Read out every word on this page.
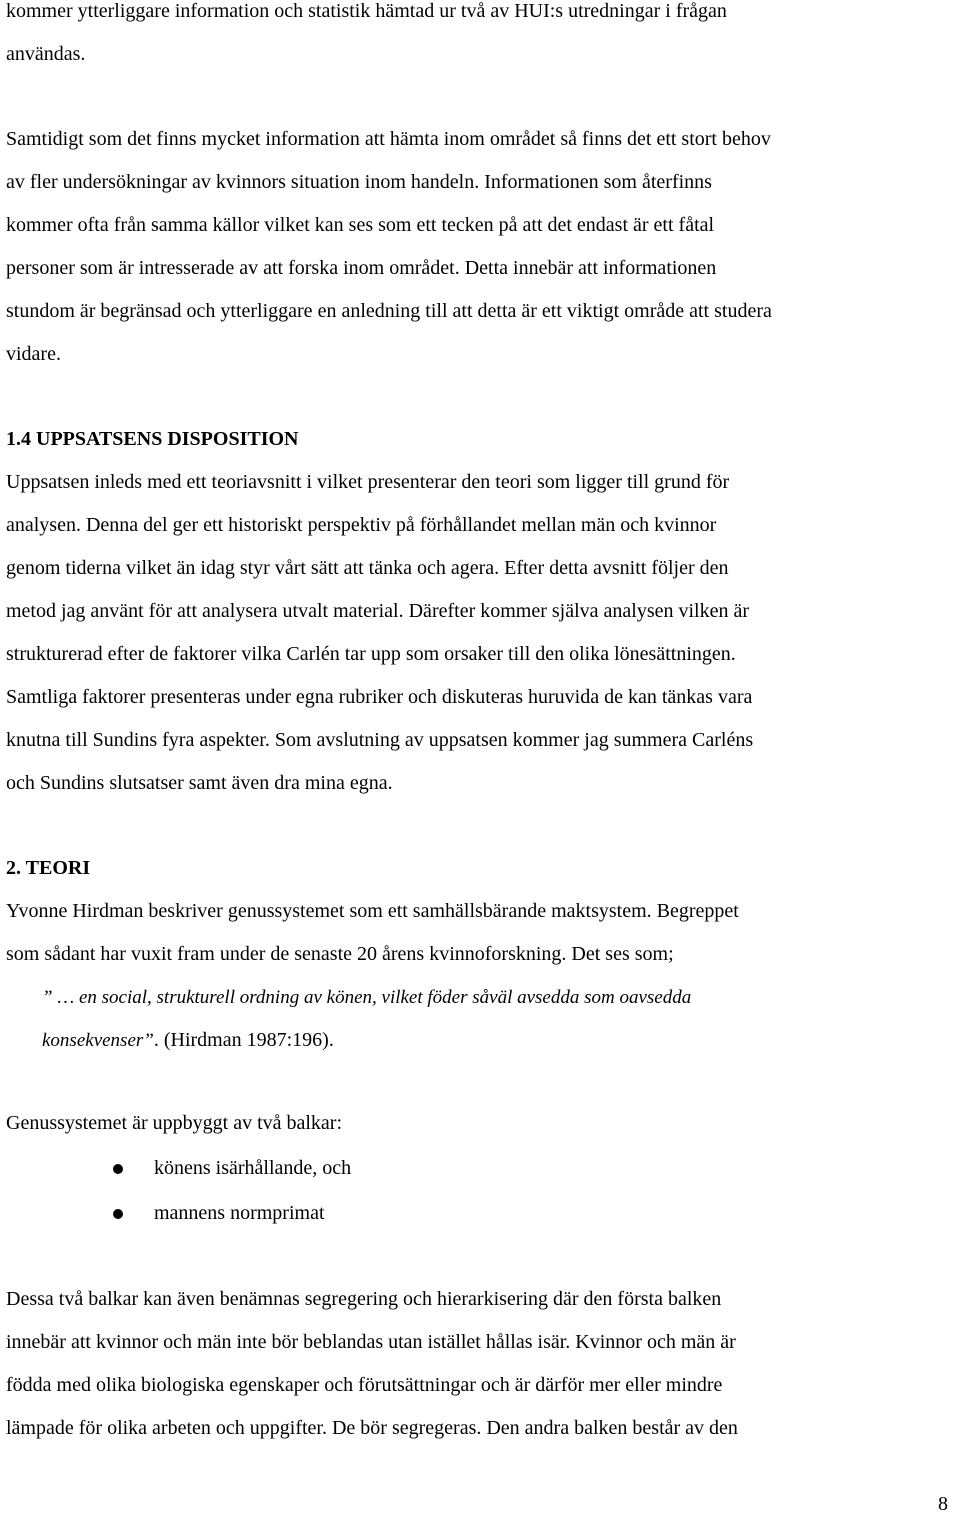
kommer ytterliggare information och statistik hämtad ur två av HUI:s utredningar i frågan
användas.

Samtidigt som det finns mycket information att hämta inom området så finns det ett stort behov
av fler undersökningar av kvinnors situation inom handeln. Informationen som återfinns
kommer ofta från samma källor vilket kan ses som ett tecken på att det endast är ett fåtal
personer som är intresserade av att forska inom området. Detta innebär att informationen
stundom är begränsad och ytterliggare en anledning till att detta är ett viktigt område att studera
vidare.

1.4 UPPSATSENS DISPOSITION

Uppsatsen inleds med ett teoriavsnitt i vilket presenterar den teori som ligger till grund för
analysen. Denna del ger ett historiskt perspektiv på förhållandet mellan män och kvinnor
genom tiderna vilket än idag styr vårt sätt att tänka och agera. Efter detta avsnitt följer den
metod jag använt för att analysera utvalt material. Därefter kommer själva analysen vilken är
strukturerad efter de faktorer vilka Carlén tar upp som orsaker till den olika lönesättningen.
Samtliga faktorer presenteras under egna rubriker och diskuteras huruvida de kan tänkas vara
knutna till Sundins fyra aspekter. Som avslutning av uppsatsen kommer jag summera Carléns
och Sundins slutsatser samt även dra mina egna.

2. TEORI

Yvonne Hirdman beskriver genussystemet som ett samhällsbärande maktsystem. Begreppet
som sådant har vuxit fram under de senaste 20 årens kvinnoforskning. Det ses som;

” … en social, strukturell ordning av könen, vilket föder såväl avsedda som oavsedda
konsekvenser”. (Hirdman 1987:196).

Genussystemet är uppbyggt av två balkar:

könens isärhållande, och
mannens normprimat

Dessa två balkar kan även benämnas segregering och hierarkisering där den första balken
innebär att kvinnor och män inte bör beblandas utan istället hållas isär. Kvinnor och män är
födda med olika biologiska egenskaper och förutsättningar och är därför mer eller mindre
lämpade för olika arbeten och uppgifter. De bör segregeras. Den andra balken består av den

8
